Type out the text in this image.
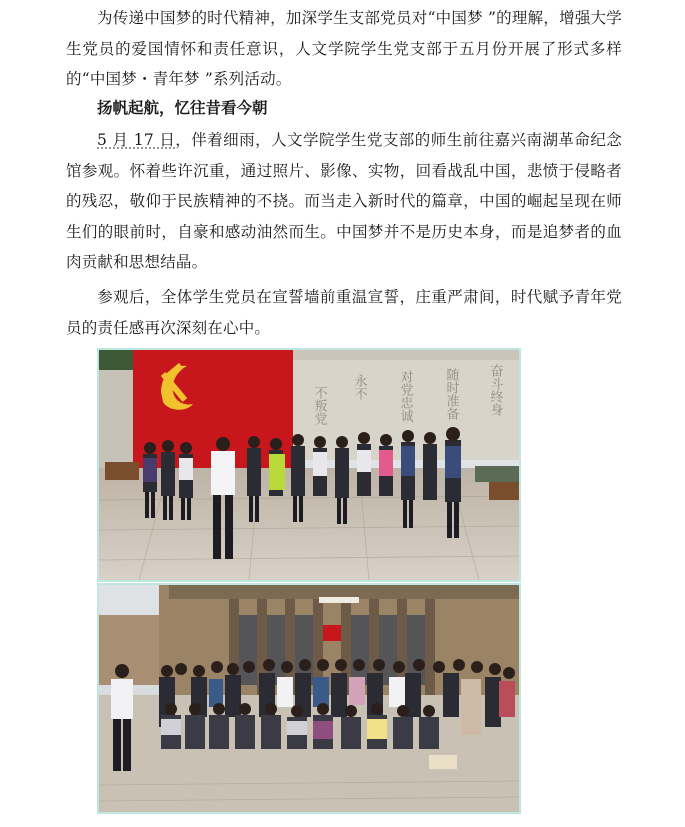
为传递中国梦的时代精神，加深学生支部党员对“中国梦 ”的理解，增强大学生党员的爱国情怀和责任意识，人文学院学生党支部于五月份开展了形式多样的“中国梦・青年梦 ”系列活动。

扬帆起航，忆往昔看今朝

5 月 17 日，伴着细雨，人文学院学生党支部的师生前往嘉兴南湖革命纪念馆参观。怀着些许沉重，通过照片、影像、实物，回看战乱中国，悲愤于侵略者的残忍，敬仰于民族精神的不挠。而当走入新时代的篇章，中国的崛起呈现在师生们的眼前时，自豪和感动油然而生。中国梦并不是历史本身，而是追梦者的血肉贡献和思想结晶。

参观后，全体学生党员在宣誓墙前重温宣誓，庄重严肃间，时代赋予青年党员的责任感再次深刻在心中。

不叛党 永不 对党忠诚 随时准备 奋斗终身
